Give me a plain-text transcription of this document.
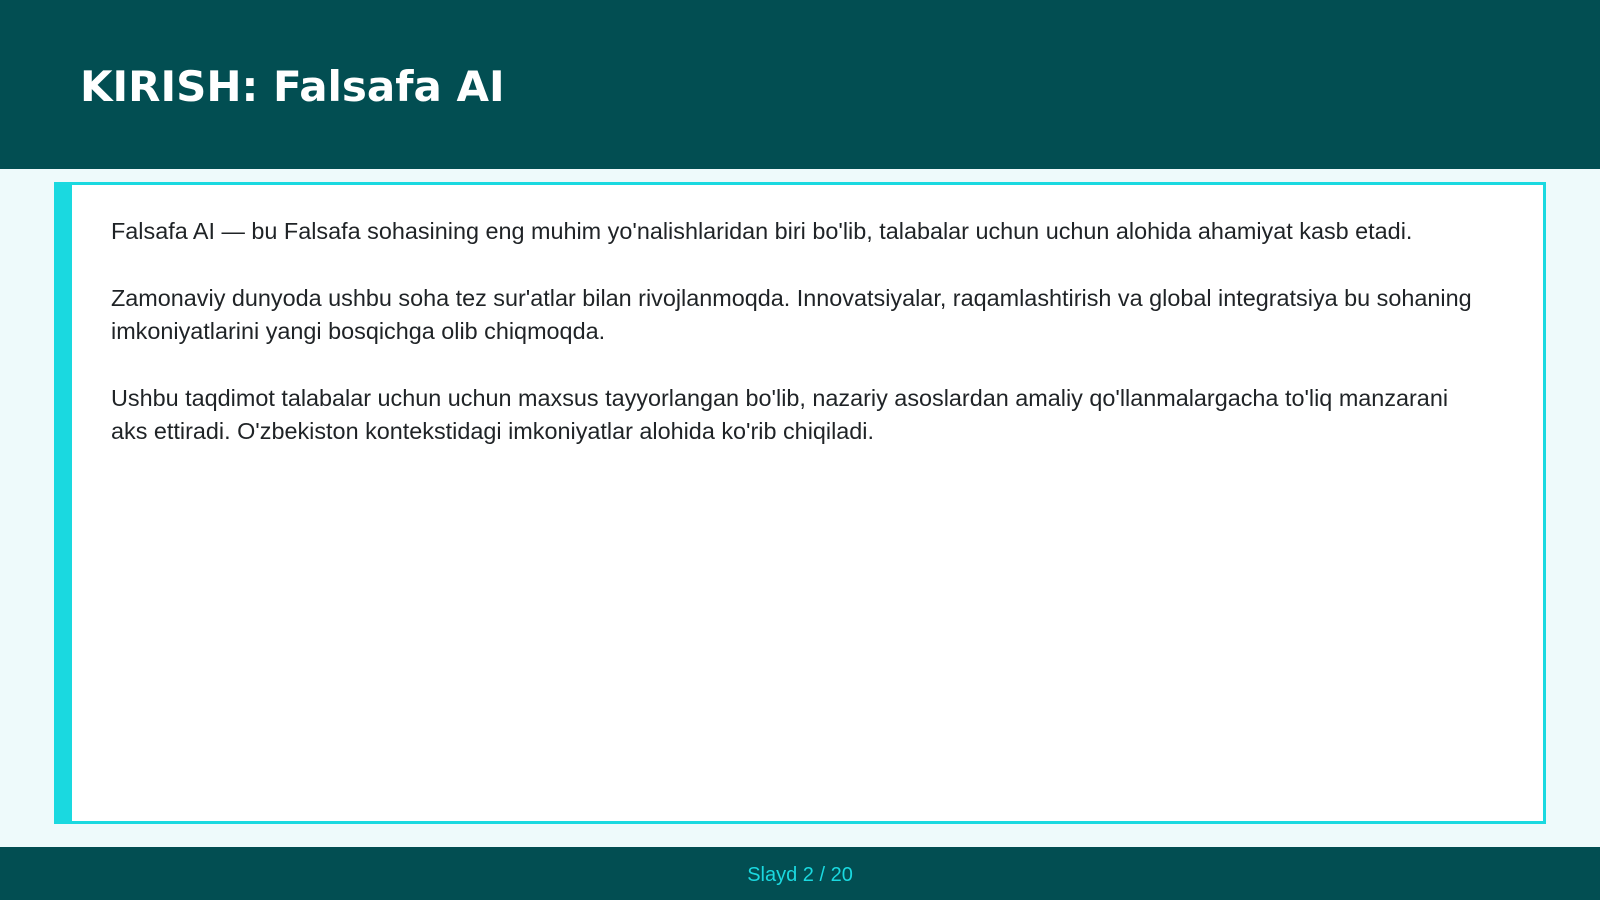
KIRISH: Falsafa AI

Falsafa AI — bu Falsafa sohasining eng muhim yo'nalishlaridan biri bo'lib, talabalar uchun uchun alohida ahamiyat kasb etadi.

Zamonaviy dunyoda ushbu soha tez sur'atlar bilan rivojlanmoqda. Innovatsiyalar, raqamlashtirish va global integratsiya bu sohaning imkoniyatlarini yangi bosqichga olib chiqmoqda.

Ushbu taqdimot talabalar uchun uchun maxsus tayyorlangan bo'lib, nazariy asoslardan amaliy qo'llanmalargacha to'liq manzarani aks ettiradi. O'zbekiston kontekstidagi imkoniyatlar alohida ko'rib chiqiladi.

Slayd 2 / 20
